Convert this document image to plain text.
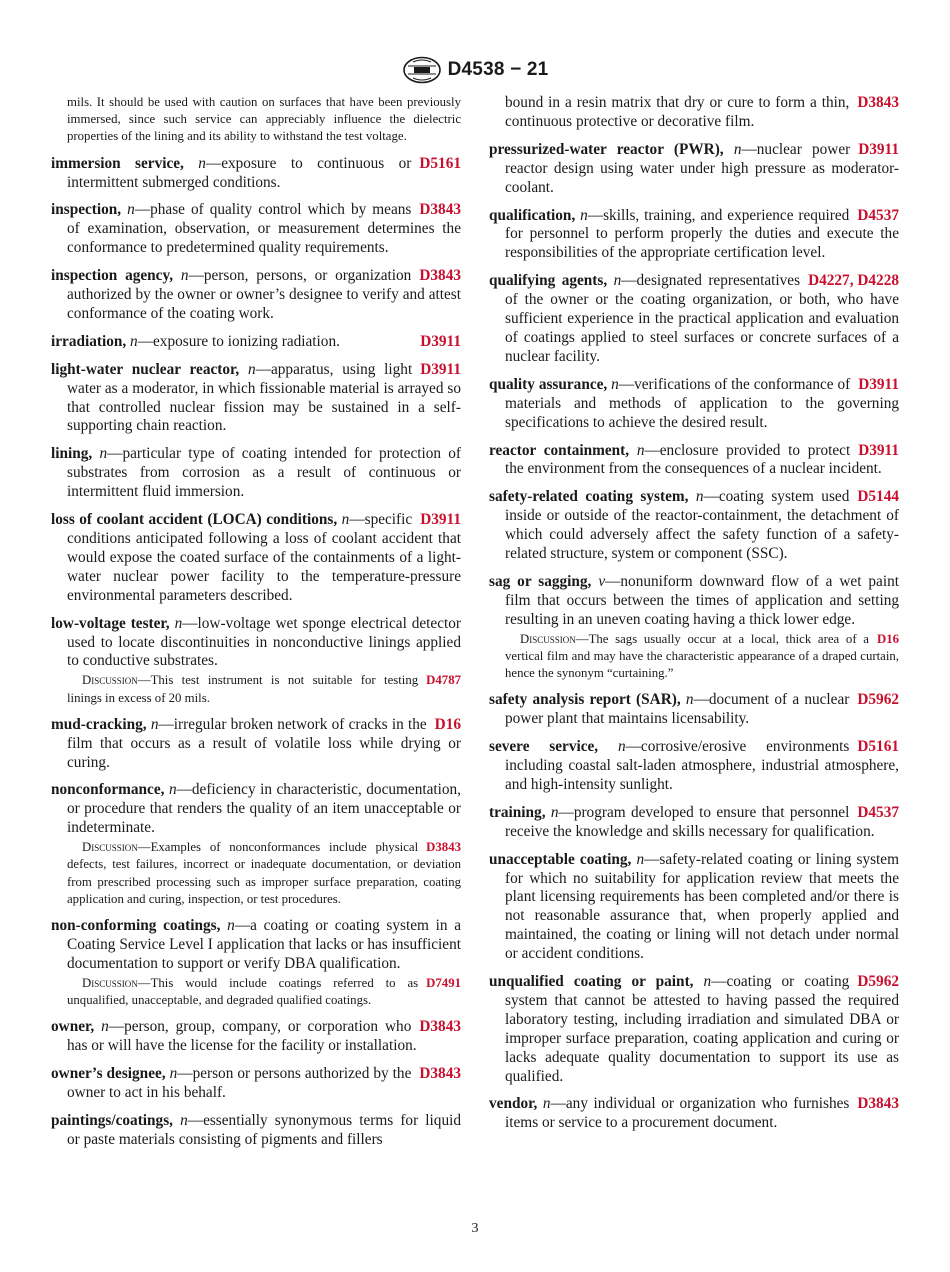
D4538 − 21
mils. It should be used with caution on surfaces that have been previously immersed, since such service can appreciably influence the dielectric properties of the lining and its ability to withstand the test voltage.
D5161
immersion service, n—exposure to continuous or intermittent submerged conditions.
D3843
inspection, n—phase of quality control which by means of examination, observation, or measurement determines the conformance to predetermined quality requirements.
D3843
inspection agency, n—person, persons, or organization authorized by the owner or owner’s designee to verify and attest conformance of the coating work.
D3911
irradiation, n—exposure to ionizing radiation.
D3911
light-water nuclear reactor, n—apparatus, using light water as a moderator, in which fissionable material is arrayed so that controlled nuclear fission may be sustained in a self-supporting chain reaction.
lining, n—particular type of coating intended for protection of substrates from corrosion as a result of continuous or intermittent fluid immersion.
D3911
loss of coolant accident (LOCA) conditions, n—specific conditions anticipated following a loss of coolant accident that would expose the coated surface of the containments of a light-water nuclear power facility to the temperature-pressure environmental parameters described.
low-voltage tester, n—low-voltage wet sponge electrical detector used to locate discontinuities in nonconductive linings applied to conductive substrates.
D4787
Discussion—This test instrument is not suitable for testing linings in excess of 20 mils.
D16
mud-cracking, n—irregular broken network of cracks in the film that occurs as a result of volatile loss while drying or curing.
nonconformance, n—deficiency in characteristic, documentation, or procedure that renders the quality of an item unacceptable or indeterminate.
D3843
Discussion—Examples of nonconformances include physical defects, test failures, incorrect or inadequate documentation, or deviation from prescribed processing such as improper surface preparation, coating application and curing, inspection, or test procedures.
non-conforming coatings, n—a coating or coating system in a Coating Service Level I application that lacks or has insufficient documentation to support or verify DBA qualification.
D7491
Discussion—This would include coatings referred to as unqualified, unacceptable, and degraded qualified coatings.
D3843
owner, n—person, group, company, or corporation who has or will have the license for the facility or installation.
D3843
owner’s designee, n—person or persons authorized by the owner to act in his behalf.
paintings/coatings, n—essentially synonymous terms for liquid or paste materials consisting of pigments and fillers
D3843
bound in a resin matrix that dry or cure to form a thin, continuous protective or decorative film.
D3911
pressurized-water reactor (PWR), n—nuclear power reactor design using water under high pressure as moderator-coolant.
D4537
qualification, n—skills, training, and experience required for personnel to perform properly the duties and execute the responsibilities of the appropriate certification level.
D4227, D4228
qualifying agents, n—designated representatives of the owner or the coating organization, or both, who have sufficient experience in the practical application and evaluation of coatings applied to steel surfaces or concrete surfaces of a nuclear facility.
D3911
quality assurance, n—verifications of the conformance of materials and methods of application to the governing specifications to achieve the desired result.
D3911
reactor containment, n—enclosure provided to protect the environment from the consequences of a nuclear incident.
D5144
safety-related coating system, n—coating system used inside or outside of the reactor-containment, the detachment of which could adversely affect the safety function of a safety-related structure, system or component (SSC).
sag or sagging, v—nonuniform downward flow of a wet paint film that occurs between the times of application and setting resulting in an uneven coating having a thick lower edge.
D16
Discussion—The sags usually occur at a local, thick area of a vertical film and may have the characteristic appearance of a draped curtain, hence the synonym “curtaining.”
D5962
safety analysis report (SAR), n—document of a nuclear power plant that maintains licensability.
D5161
severe service, n—corrosive/erosive environments including coastal salt-laden atmosphere, industrial atmosphere, and high-intensity sunlight.
D4537
training, n—program developed to ensure that personnel receive the knowledge and skills necessary for qualification.
unacceptable coating, n—safety-related coating or lining system for which no suitability for application review that meets the plant licensing requirements has been completed and/or there is not reasonable assurance that, when properly applied and maintained, the coating or lining will not detach under normal or accident conditions.
D5962
unqualified coating or paint, n—coating or coating system that cannot be attested to having passed the required laboratory testing, including irradiation and simulated DBA or improper surface preparation, coating application and curing or lacks adequate quality documentation to support its use as qualified.
D3843
vendor, n—any individual or organization who furnishes items or service to a procurement document.
3
